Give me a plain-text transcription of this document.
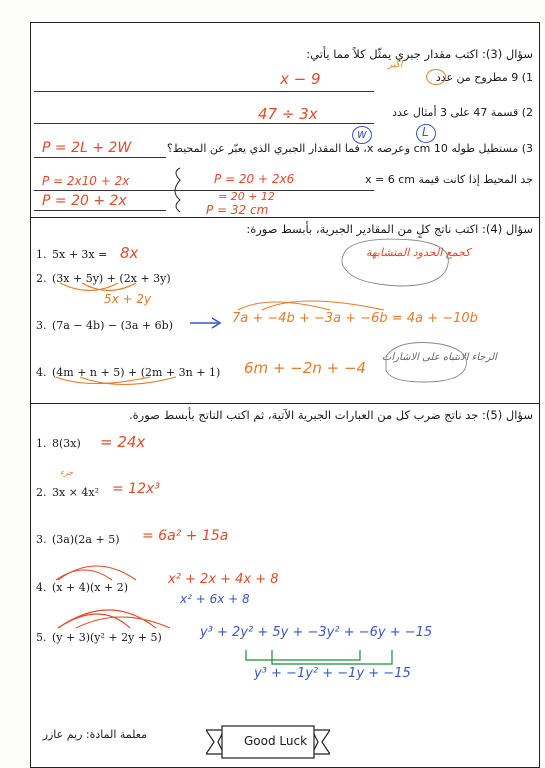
سؤال (3): اكتب مقدار جبري يمثّل كلاً مما يأتي:
1) 9 مطروح من عدد
اكبر
x − 9
2) قسمة 47 على 3 أمثال عدد
47 ÷ 3x
3) مستطيل طوله 10 cm وعرضه x، فما المقدار الجبري الذي يعبّر عن المحيط؟
w	L
P = 2L + 2W
جد المحيط إذا كانت قيمة x = 6 cm
P = 2x10 + 2x
P = 20 + 2x
P = 20 + 2x6
= 20 + 12
P = 32 cm
سؤال (4): اكتب ناتج كلٍ من المقادير الجبرية، بأبسط صورة:
1. 5x + 3x = 8x
2. (3x + 5y) + (2x + 3y)
5x + 2y
كجمع الحدود المتشابهة
3. (7a − 4b) − (3a + 6b)	7a + −4b + −3a + −6b = 4a + −10b
4. (4m + n + 5) + (2m + 3n + 1) 6m + −2n + −4
الرجاء الانتباه على الاشارات
سؤال (5): جد ناتج ضرب كل من العبارات الجبرية الآتية، ثم اكتب الناتج بأبسط صورة.
1. 8(3x) = 24x
جزء
2. 3x × 4x² = 12x³
3. (3a)(2a + 5) = 6a² + 15a
4. (x + 4)(x + 2)
x² + 2x + 4x + 8
x² + 6x + 8
5. (y + 3)(y² + 2y + 5)	y³ + 2y² + 5y + −3y² + −6y + −15
y³ + −1y² + −1y + −15
معلمة المادة: ريم عازر	Good Luck
